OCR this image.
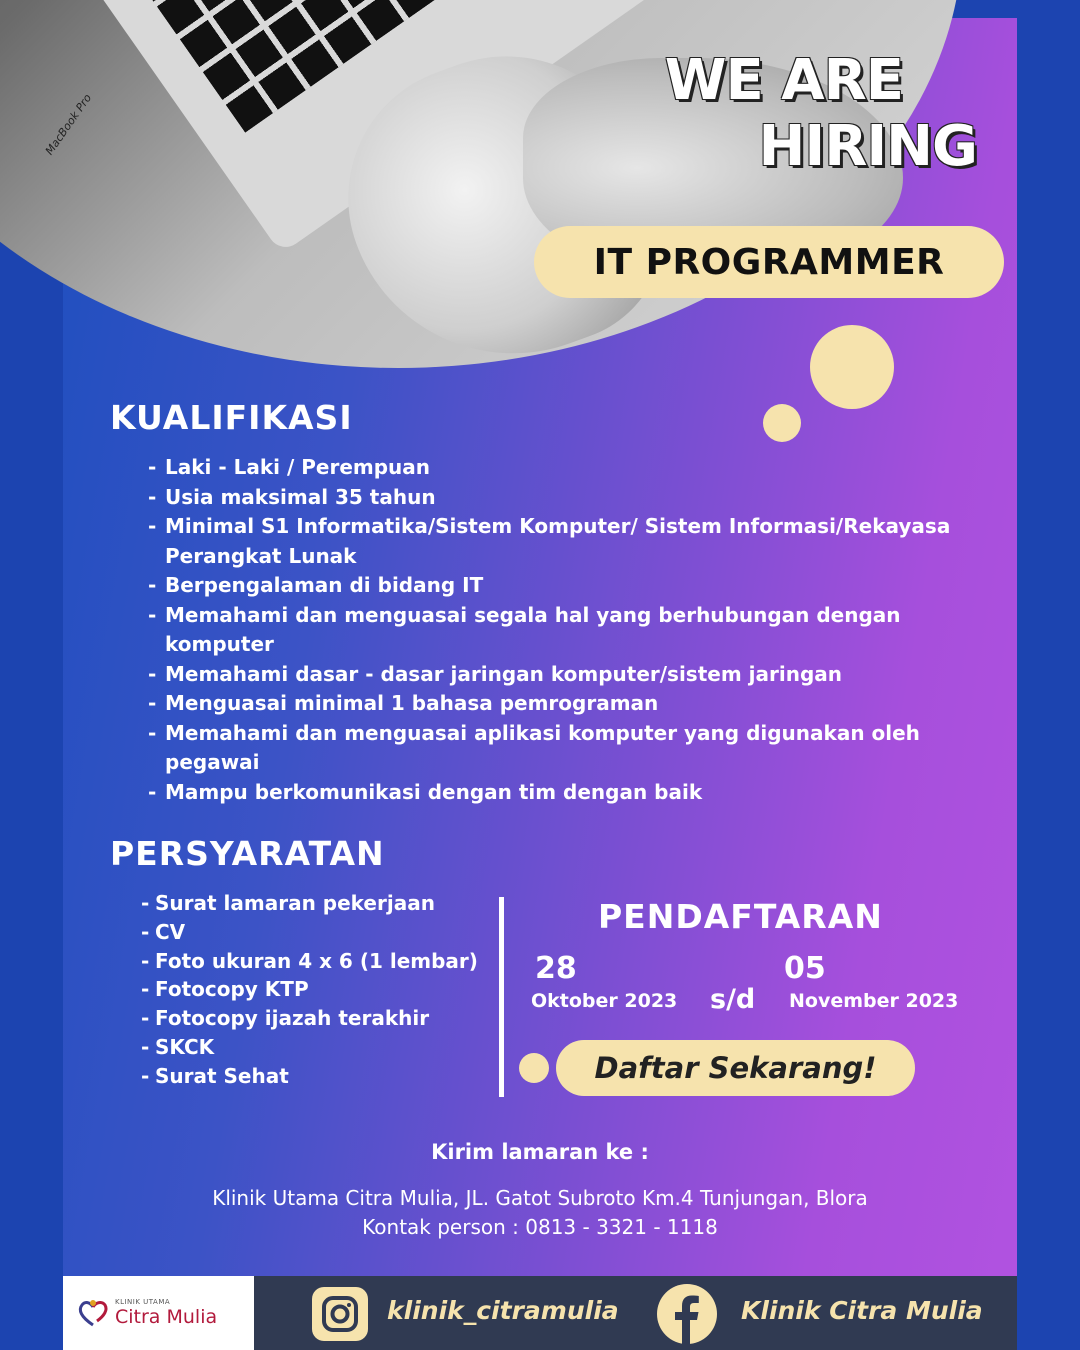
MacBook Pro
WE ARE
HIRING
IT PROGRAMMER
KUALIFIKASI
- Laki - Laki / Perempuan
- Usia maksimal 35 tahun
- Minimal S1 Informatika/Sistem Komputer/ Sistem Informasi/Rekayasa Perangkat Lunak
- Berpengalaman di bidang IT
- Memahami dan menguasai segala hal yang berhubungan dengan komputer
- Memahami dasar - dasar jaringan komputer/sistem jaringan
- Menguasai minimal 1 bahasa pemrograman
- Memahami dan menguasai aplikasi komputer yang digunakan oleh pegawai
- Mampu berkomunikasi dengan tim dengan baik
PERSYARATAN
- Surat lamaran pekerjaan
- CV
- Foto ukuran 4 x 6 (1 lembar)
- Fotocopy KTP
- Fotocopy ijazah terakhir
- SKCK
- Surat Sehat
PENDAFTARAN
28
Oktober 2023 s/d
05
November 2023
Daftar Sekarang!
Kirim lamaran ke :
Klinik Utama Citra Mulia, JL. Gatot Subroto Km.4 Tunjungan, Blora
Kontak person : 0813 - 3321 - 1118
KLINIK UTAMA
Citra Mulia	klinik_citramulia	Klinik Citra Mulia
